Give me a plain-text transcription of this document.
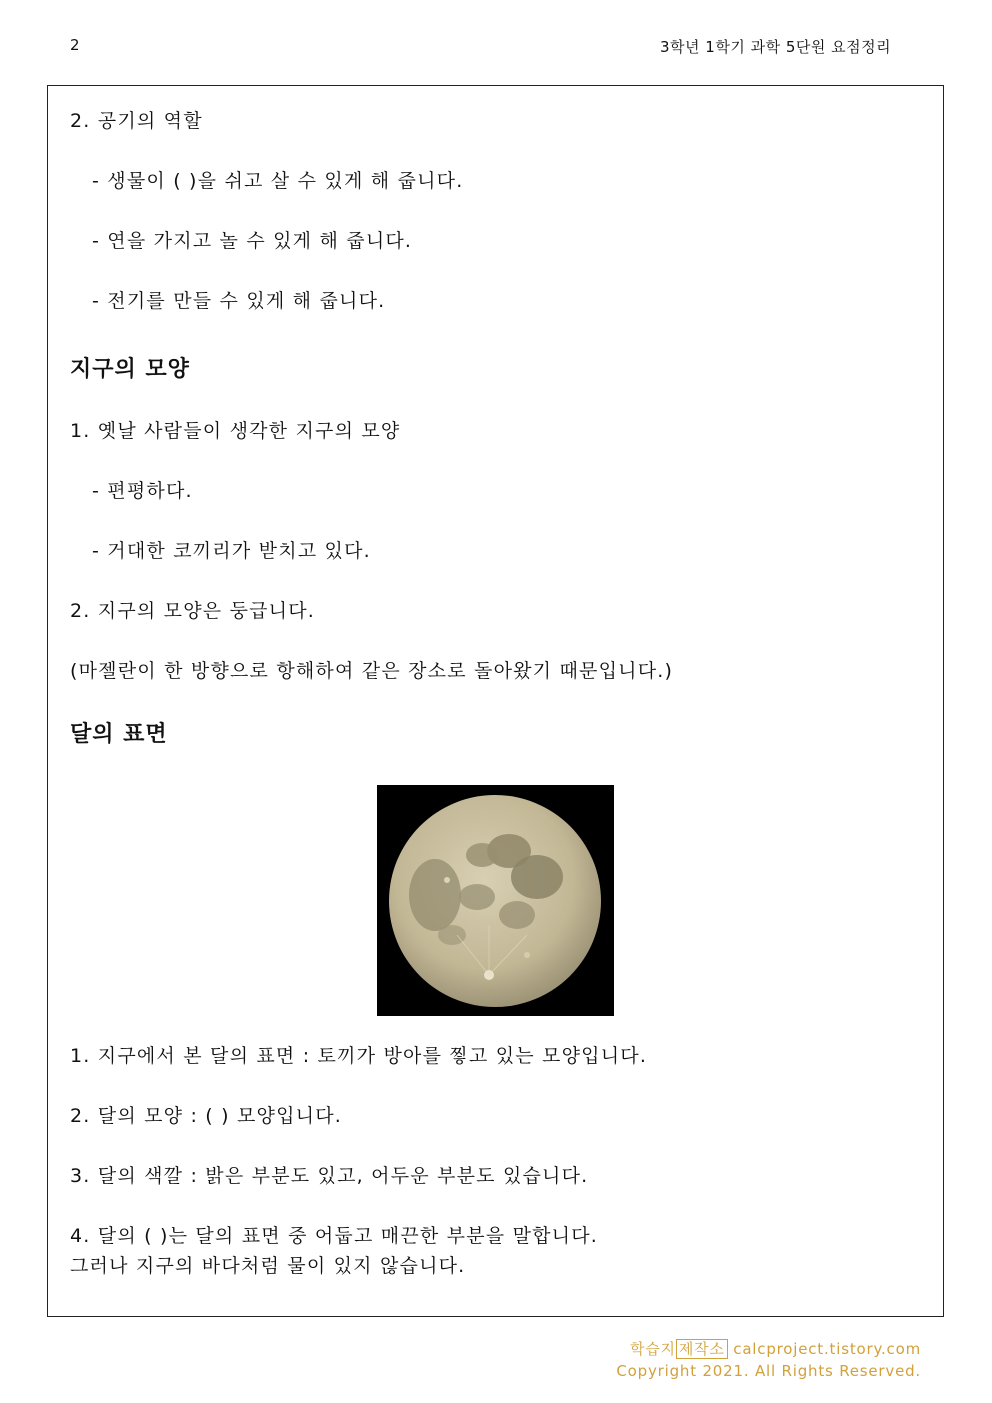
2	3학년 1학기 과학 5단원 요점정리
2. 공기의 역할
- 생물이 ( )을 쉬고 살 수 있게 해 줍니다.
- 연을 가지고 놀 수 있게 해 줍니다.
- 전기를 만들 수 있게 해 줍니다.
지구의 모양
1. 옛날 사람들이 생각한 지구의 모양
- 편평하다.
- 거대한 코끼리가 받치고 있다.
2. 지구의 모양은 둥급니다.
(마젤란이 한 방향으로 항해하여 같은 장소로 돌아왔기 때문입니다.)
달의 표면
1. 지구에서 본 달의 표면 : 토끼가 방아를 찧고 있는 모양입니다.
2. 달의 모양 : ( ) 모양입니다.
3. 달의 색깔 : 밝은 부분도 있고, 어두운 부분도 있습니다.
4. 달의 ( )는 달의 표면 중 어둡고 매끈한 부분을 말합니다.
그러나 지구의 바다처럼 물이 있지 않습니다.
학습지 제작소 calcproject.tistory.com
Copyright 2021. All Rights Reserved.
